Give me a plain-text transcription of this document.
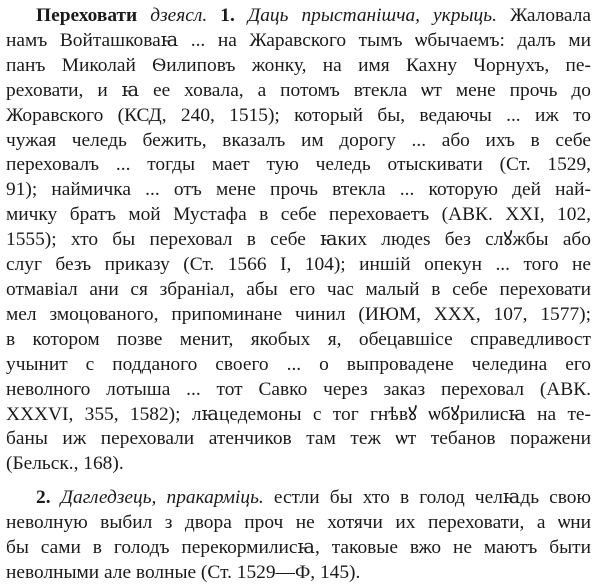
Переховати дзеясл. 1. Даць прыстанiшча, укрыць. Жаловала
намъ Войташковаꙗ ... на Жаравского тымъ ѡбычаемъ: далъ ми
панъ Миколай Ѳилиповъ жонку, на имя Кахну Чорнухъ, пе-
реховати, и ꙗ ее ховала, а потомъ втекла ѡт мене прочь до
Жоравского (КСД, 240, 1515); который бы, ведаючы ... иж то
чужая челедь бежить, вказалъ им дорогу ... або ихъ в себе
переховалъ ... тогды мает тую челедь отыскивати (Ст. 1529,
91); наймичка ... отъ мене прочь втекла ... которую дей най-
мичку братъ мой Мустафа в себе переховаетъ (АВК. XXI, 102,
1555); хто бы переховал в себе ꙗких людеѕ без слꙋжбы або
слуг безъ приказу (Ст. 1566 I, 104); иншiй опекун ... того не
отмавiал ани ся збранiал, абы его час малый в себе переховати
мел змоцованого, припоминане чинил (ИЮМ, XXX, 107, 1577);
в котором позве менит, якобых я, обецавшiсе справедливост
учынит с подданого своего ... о выпроваденe челедина его
неволного лотыша ... тот Савко через заказ переховал (АВК.
XXXVI, 355, 1582); лꙗцедемоны с тог гнѣвꙋ ѡбꙋрилисꙗ на те-
баны иж переховали атенчиков там теж ѡт тебанов поражени
(Бельск., 168).
2. Дагледзець, пракармiць. естли бы хто в голод челꙗдь свою
неволную выбил з двора проч не хотячи их переховати, а ѡни
бы сами в голодъ перекормилисꙗ, таковые вжо не маютъ быти
неволными але волные (Ст. 1529—Ф, 145).
